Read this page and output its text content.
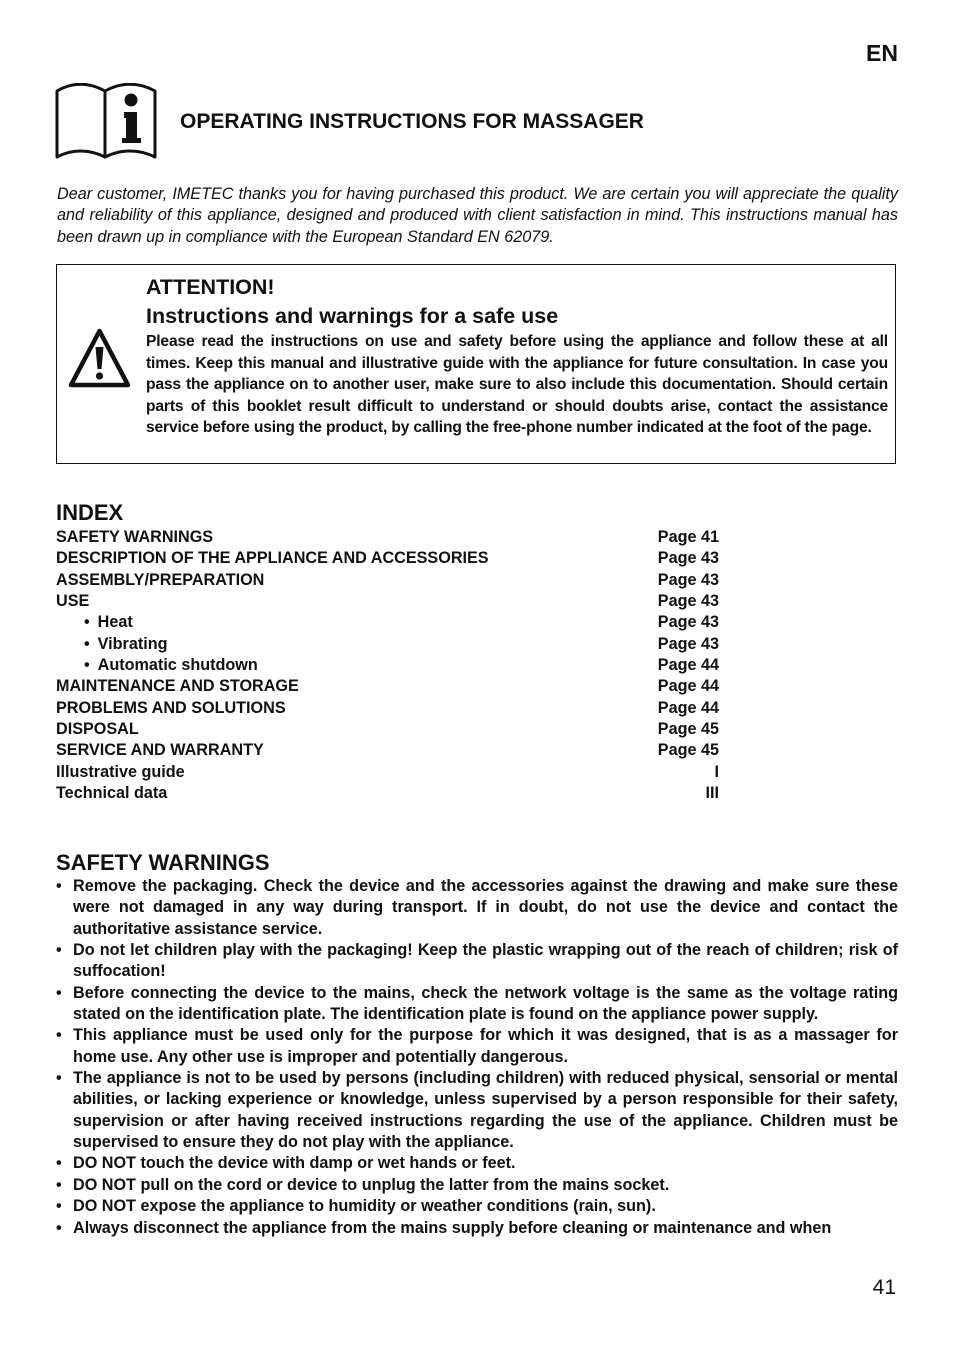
EN
OPERATING INSTRUCTIONS FOR MASSAGER

Dear customer, IMETEC thanks you for having purchased this product. We are certain you will appreciate the quality and reliability of this appliance, designed and produced with client satisfaction in mind. This instructions manual has been drawn up in compliance with the European Standard EN 62079.

ATTENTION!
Instructions and warnings for a safe use
Please read the instructions on use and safety before using the appliance and follow these at all times. Keep this manual and illustrative guide with the appliance for future consultation. In case you pass the appliance on to another user, make sure to also include this documentation. Should certain parts of this booklet result difficult to understand or should doubts arise, contact the assistance service before using the product, by calling the free-phone number indicated at the foot of the page.
INDEX
SAFETY WARNINGS	Page 41
DESCRIPTION OF THE APPLIANCE AND ACCESSORIES	Page 43
ASSEMBLY/PREPARATION	Page 43
USE	Page 43
• Heat	Page 43
• Vibrating	Page 43
• Automatic shutdown	Page 44
MAINTENANCE AND STORAGE	Page 44
PROBLEMS AND SOLUTIONS	Page 44
DISPOSAL	Page 45
SERVICE AND WARRANTY	Page 45
Illustrative guide	I
Technical data	III
SAFETY WARNINGS
• Remove the packaging. Check the device and the accessories against the drawing and make sure these were not damaged in any way during transport. If in doubt, do not use the device and contact the authoritative assistance service.
• Do not let children play with the packaging! Keep the plastic wrapping out of the reach of children; risk of suffocation!
• Before connecting the device to the mains, check the network voltage is the same as the voltage rating stated on the identification plate. The identification plate is found on the appliance power supply.
• This appliance must be used only for the purpose for which it was designed, that is as a massager for home use. Any other use is improper and potentially dangerous.
• The appliance is not to be used by persons (including children) with reduced physical, sensorial or mental abilities, or lacking experience or knowledge, unless supervised by a person responsible for their safety, supervision or after having received instructions regarding the use of the appliance. Children must be supervised to ensure they do not play with the appliance.
• DO NOT touch the device with damp or wet hands or feet.
• DO NOT pull on the cord or device to unplug the latter from the mains socket.
• DO NOT expose the appliance to humidity or weather conditions (rain, sun).
• Always disconnect the appliance from the mains supply before cleaning or maintenance and when
41
